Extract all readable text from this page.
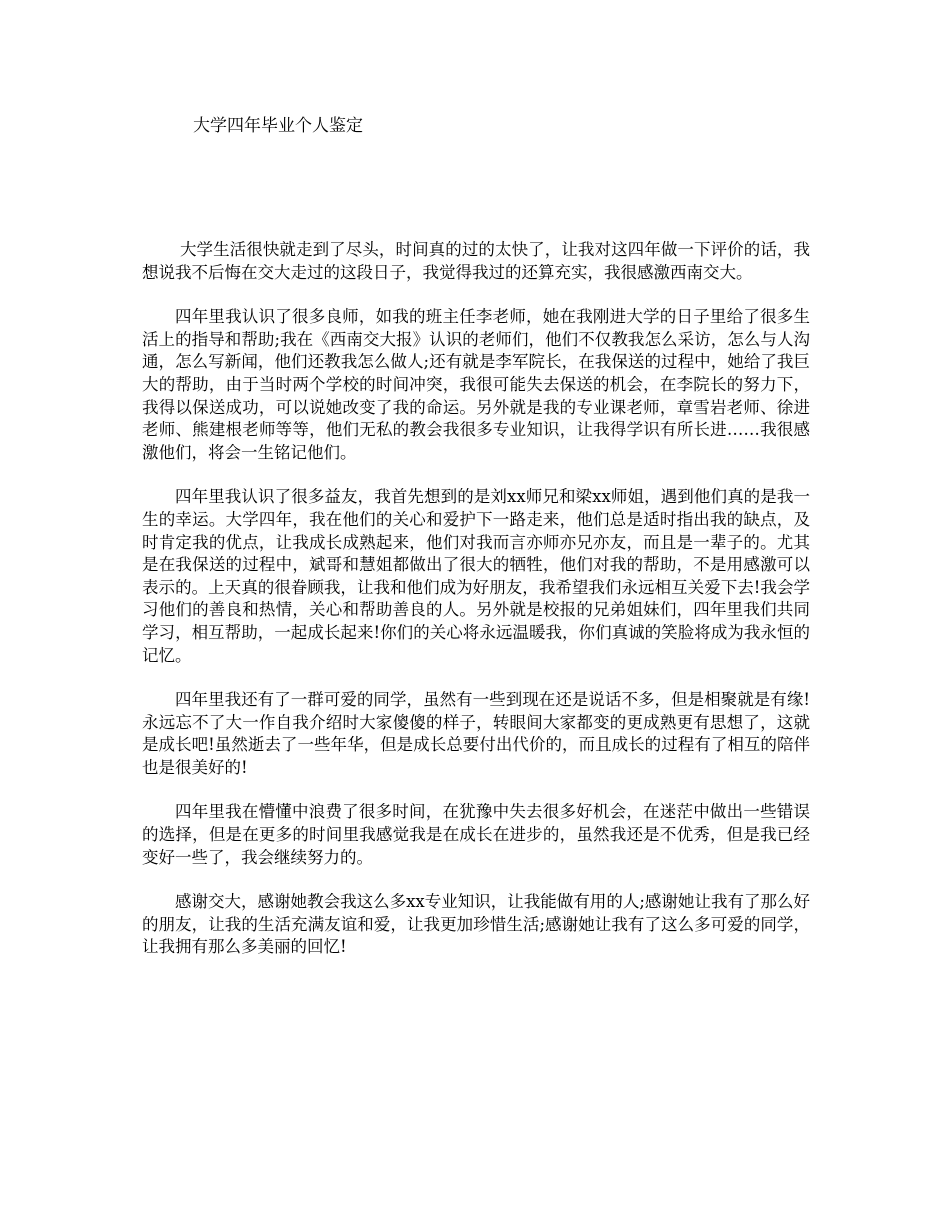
大学四年毕业个人鉴定

大学生活很快就走到了尽头，时间真的过的太快了，让我对这四年做一下评价的话，我想说我不后悔在交大走过的这段日子，我觉得我过的还算充实，我很感激西南交大。

四年里我认识了很多良师，如我的班主任李老师，她在我刚进大学的日子里给了很多生活上的指导和帮助;我在《西南交大报》认识的老师们，他们不仅教我怎么采访，怎么与人沟通，怎么写新闻，他们还教我怎么做人;还有就是李军院长，在我保送的过程中，她给了我巨大的帮助，由于当时两个学校的时间冲突，我很可能失去保送的机会，在李院长的努力下，我得以保送成功，可以说她改变了我的命运。另外就是我的专业课老师，章雪岩老师、徐进老师、熊建根老师等等，他们无私的教会我很多专业知识，让我得学识有所长进……我很感激他们，将会一生铭记他们。

四年里我认识了很多益友，我首先想到的是刘xx师兄和梁xx师姐，遇到他们真的是我一生的幸运。大学四年，我在他们的关心和爱护下一路走来，他们总是适时指出我的缺点，及时肯定我的优点，让我成长成熟起来，他们对我而言亦师亦兄亦友，而且是一辈子的。尤其是在我保送的过程中，斌哥和慧姐都做出了很大的牺牲，他们对我的帮助，不是用感激可以表示的。上天真的很眷顾我，让我和他们成为好朋友，我希望我们永远相互关爱下去!我会学习他们的善良和热情，关心和帮助善良的人。另外就是校报的兄弟姐妹们，四年里我们共同学习，相互帮助，一起成长起来!你们的关心将永远温暖我，你们真诚的笑脸将成为我永恒的记忆。

四年里我还有了一群可爱的同学，虽然有一些到现在还是说话不多，但是相聚就是有缘!永远忘不了大一作自我介绍时大家傻傻的样子，转眼间大家都变的更成熟更有思想了，这就是成长吧!虽然逝去了一些年华，但是成长总要付出代价的，而且成长的过程有了相互的陪伴也是很美好的!

四年里我在懵懂中浪费了很多时间，在犹豫中失去很多好机会，在迷茫中做出一些错误的选择，但是在更多的时间里我感觉我是在成长在进步的，虽然我还是不优秀，但是我已经变好一些了，我会继续努力的。

感谢交大，感谢她教会我这么多xx专业知识，让我能做有用的人;感谢她让我有了那么好的朋友，让我的生活充满友谊和爱，让我更加珍惜生活;感谢她让我有了这么多可爱的同学，让我拥有那么多美丽的回忆!
